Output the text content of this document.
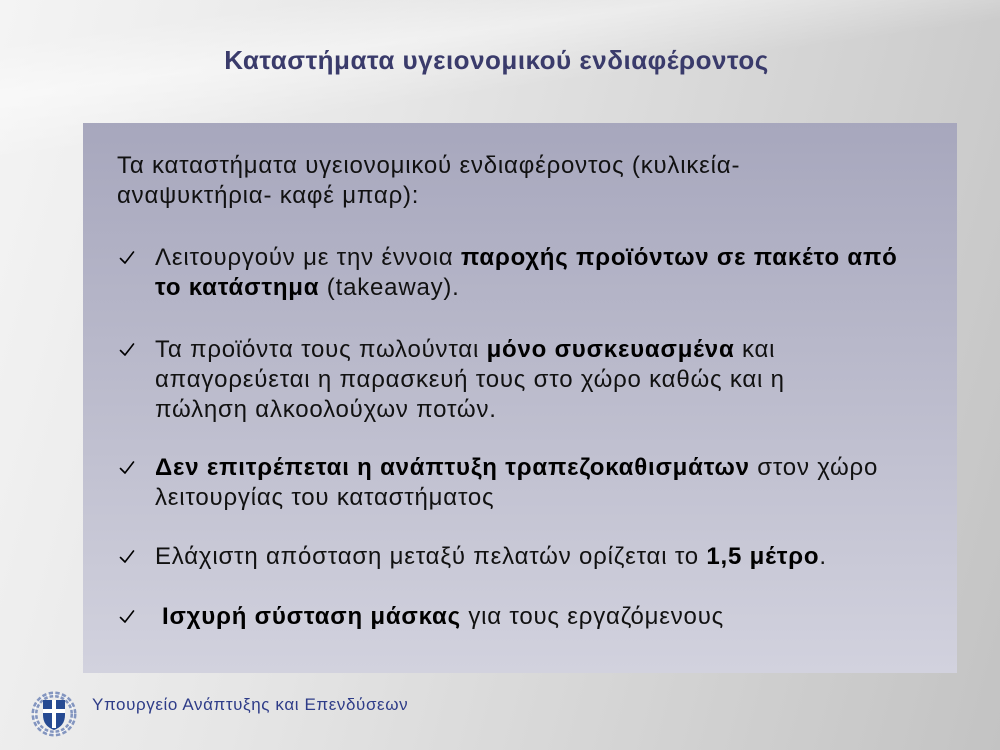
Καταστήματα υγειονομικού ενδιαφέροντος
Τα καταστήματα υγειονομικού ενδιαφέροντος (κυλικεία-
αναψυκτήρια- καφέ μπαρ):
Λειτουργούν με την έννοια παροχής προϊόντων σε πακέτο από
το κατάστημα (takeaway).
Τα προϊόντα τους πωλούνται μόνο συσκευασμένα και
απαγορεύεται η παρασκευή τους στο χώρο καθώς και η
πώληση αλκοολούχων ποτών.
Δεν επιτρέπεται η ανάπτυξη τραπεζοκαθισμάτων στον χώρο
λειτουργίας του καταστήματος
Ελάχιστη απόσταση μεταξύ πελατών ορίζεται το 1,5 μέτρο.
Ισχυρή σύσταση μάσκας για τους εργαζόμενους
Υπουργείο Ανάπτυξης και Επενδύσεων
